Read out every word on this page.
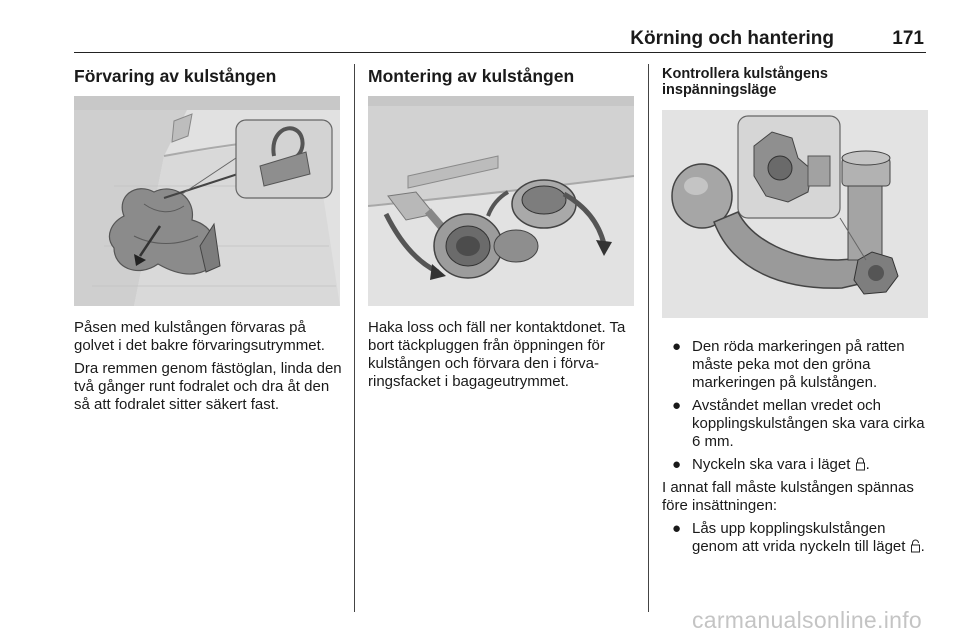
Körning och hantering	171
Förvaring av kulstången

Påsen med kulstången förvaras på golvet i det bakre förvaringsutrymmet.

Dra remmen genom fästöglan, linda den två gånger runt fodralet och dra åt den så att fodralet sitter säkert fast.

Montering av kulstången

Haka loss och fäll ner kontaktdonet. Ta bort täckpluggen från öppningen för kulstången och förvara den i förva-ringsfacket i bagageutrymmet.

Kontrollera kulstångens inspänningsläge
● Den röda markeringen på ratten måste peka mot den gröna markeringen på kulstången.
● Avståndet mellan vredet och kopplingskulstången ska vara cirka 6 mm.
● Nyckeln ska vara i läget .

I annat fall måste kulstången spännas före insättningen:

● Lås upp kopplingskulstången genom att vrida nyckeln till läget .
carmanualsonline.info
